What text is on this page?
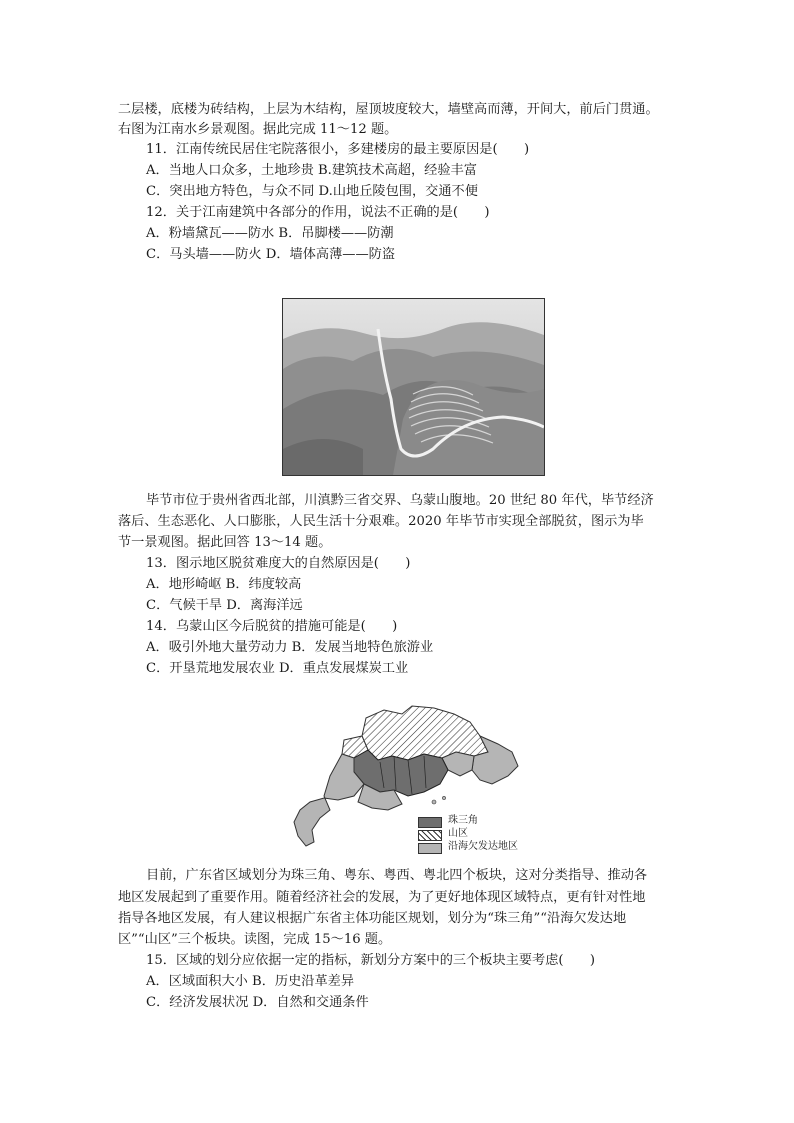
二层楼，底楼为砖结构，上层为木结构，屋顶坡度较大，墙壁高而薄，开间大，前后门贯通。
右图为江南水乡景观图。据此完成 11～12 题。
11．江南传统民居住宅院落很小，多建楼房的最主要原因是(　　)
A．当地人口众多，土地珍贵 B.建筑技术高超，经验丰富
C．突出地方特色，与众不同 D.山地丘陵包围，交通不便
12．关于江南建筑中各部分的作用，说法不正确的是(　　)
A．粉墙黛瓦——防水 B．吊脚楼——防潮
C．马头墙——防火 D．墙体高薄——防盗
毕节市位于贵州省西北部，川滇黔三省交界、乌蒙山腹地。20 世纪 80 年代，毕节经济
落后、生态恶化、人口膨胀，人民生活十分艰难。2020 年毕节市实现全部脱贫，图示为毕
节一景观图。据此回答 13～14 题。
13．图示地区脱贫难度大的自然原因是(　　)
A．地形崎岖 B．纬度较高
C．气候干旱 D．离海洋远
14．乌蒙山区今后脱贫的措施可能是(　　)
A．吸引外地大量劳动力 B．发展当地特色旅游业
C．开垦荒地发展农业 D．重点发展煤炭工业
珠三角
山区
沿海欠发达地区
目前，广东省区域划分为珠三角、粤东、粤西、粤北四个板块，这对分类指导、推动各
地区发展起到了重要作用。随着经济社会的发展，为了更好地体现区域特点，更有针对性地
指导各地区发展，有人建议根据广东省主体功能区规划，划分为“珠三角”“沿海欠发达地
区”“山区”三个板块。读图，完成 15～16 题。
15．区域的划分应依据一定的指标，新划分方案中的三个板块主要考虑(　　)
A．区域面积大小 B．历史沿革差异
C．经济发展状况 D．自然和交通条件
